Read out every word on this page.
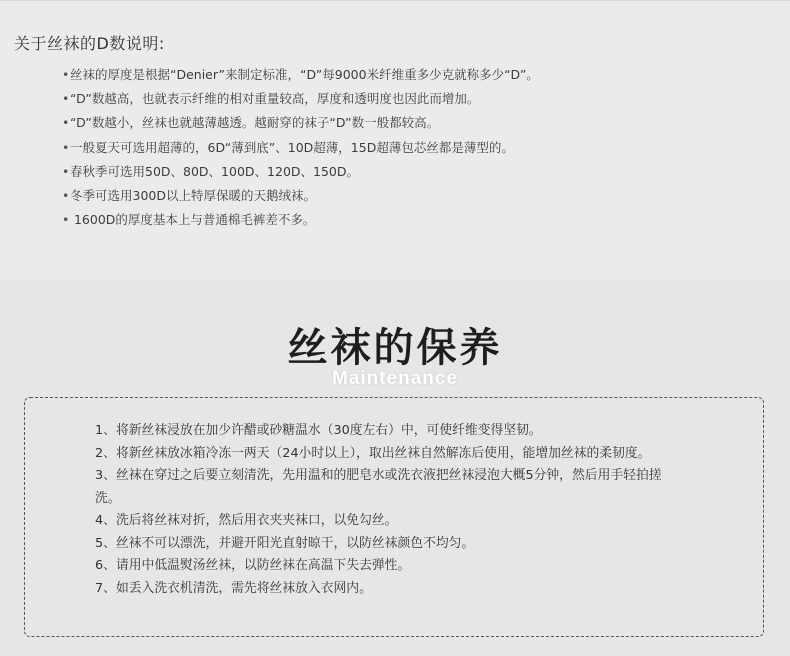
关于丝袜的D数说明:
•丝袜的厚度是根据“Denier”来制定标准，“D”每9000米纤维重多少克就称多少“D”。
•“D”数越高，也就表示纤维的相对重量较高，厚度和透明度也因此而增加。
•“D”数越小，丝袜也就越薄越透。越耐穿的袜子“D”数一般都较高。
•一般夏天可选用超薄的，6D“薄到底”、10D超薄，15D超薄包芯丝都是薄型的。
•春秋季可选用50D、80D、100D、120D、150D。
•冬季可选用300D以上特厚保暖的天鹅绒袜。
• 1600D的厚度基本上与普通棉毛裤差不多。
丝袜的保养
Maintenance
1、将新丝袜浸放在加少许醋或砂糖温水（30度左右）中，可使纤维变得坚韧。
2、将新丝袜放冰箱冷冻一两天（24小时以上），取出丝袜自然解冻后使用，能增加丝袜的柔韧度。
3、丝袜在穿过之后要立刻清洗，先用温和的肥皂水或洗衣液把丝袜浸泡大概5分钟，然后用手轻拍搓洗。
4、洗后将丝袜对折，然后用衣夹夹袜口，以免勾丝。
5、丝袜不可以漂洗，并避开阳光直射晾干，以防丝袜颜色不均匀。
6、请用中低温熨汤丝袜，以防丝袜在高温下失去弹性。
7、如丢入洗衣机清洗，需先将丝袜放入衣网内。
